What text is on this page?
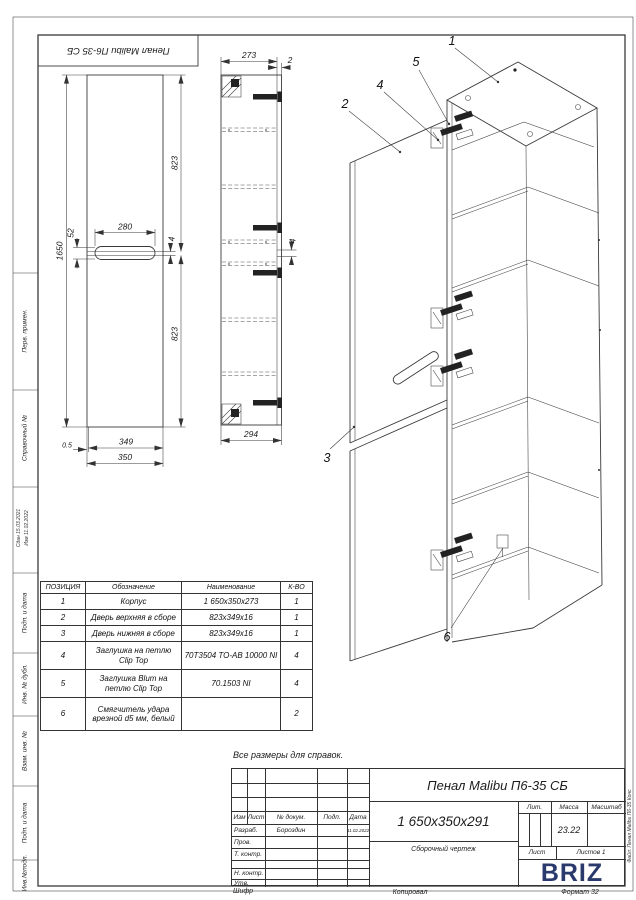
280
52
4
823
823
1650
0.5	349
350
×	×
×	×
×	×
273	2
294
4
1
5
4
2
3
6
Пенал Malibu П6-35 СБ
Перв. примен.
Справочный №
Сдан 15.03.2021 Изм 11.02.2022
Подп. и дата
Инв. № дубл.
Взам. инв. №
Подп. и дата
Инв.№подл.
Файл: Пенал Malibu П6-35 Конс
Все размеры для справок.
ПОЗИЦИЯ	Обозначение	Наименование	К-ВО
1	Корпус	1 650х350х273	1
2	Дверь верхняя в сборе	823х349х16	1
3	Дверь нижняя в сборе	823х349х16	1
4	Заглушка на петлю Clip Top	70Т3504 ТО-АВ 10000 NI	4
5	Заглушка Blum на петлю Clip Top	70.1503 NI	4
6	Смягчитель удара врезной d5 мм, белый		2
Изм Лист	№ докум.	Подп.	Дата
Разраб.	Бороздин	11.02.2022
Пров.
Т. контр.
Н. контр.
Утв.
Пенал Malibu П6-35 СБ
1 650х350х291
Сборочный чертеж
Лит.	Масса	Масштаб
23.22
Лист	Листов 1
BRIZ
Шифр	Копировал	Формат 32
